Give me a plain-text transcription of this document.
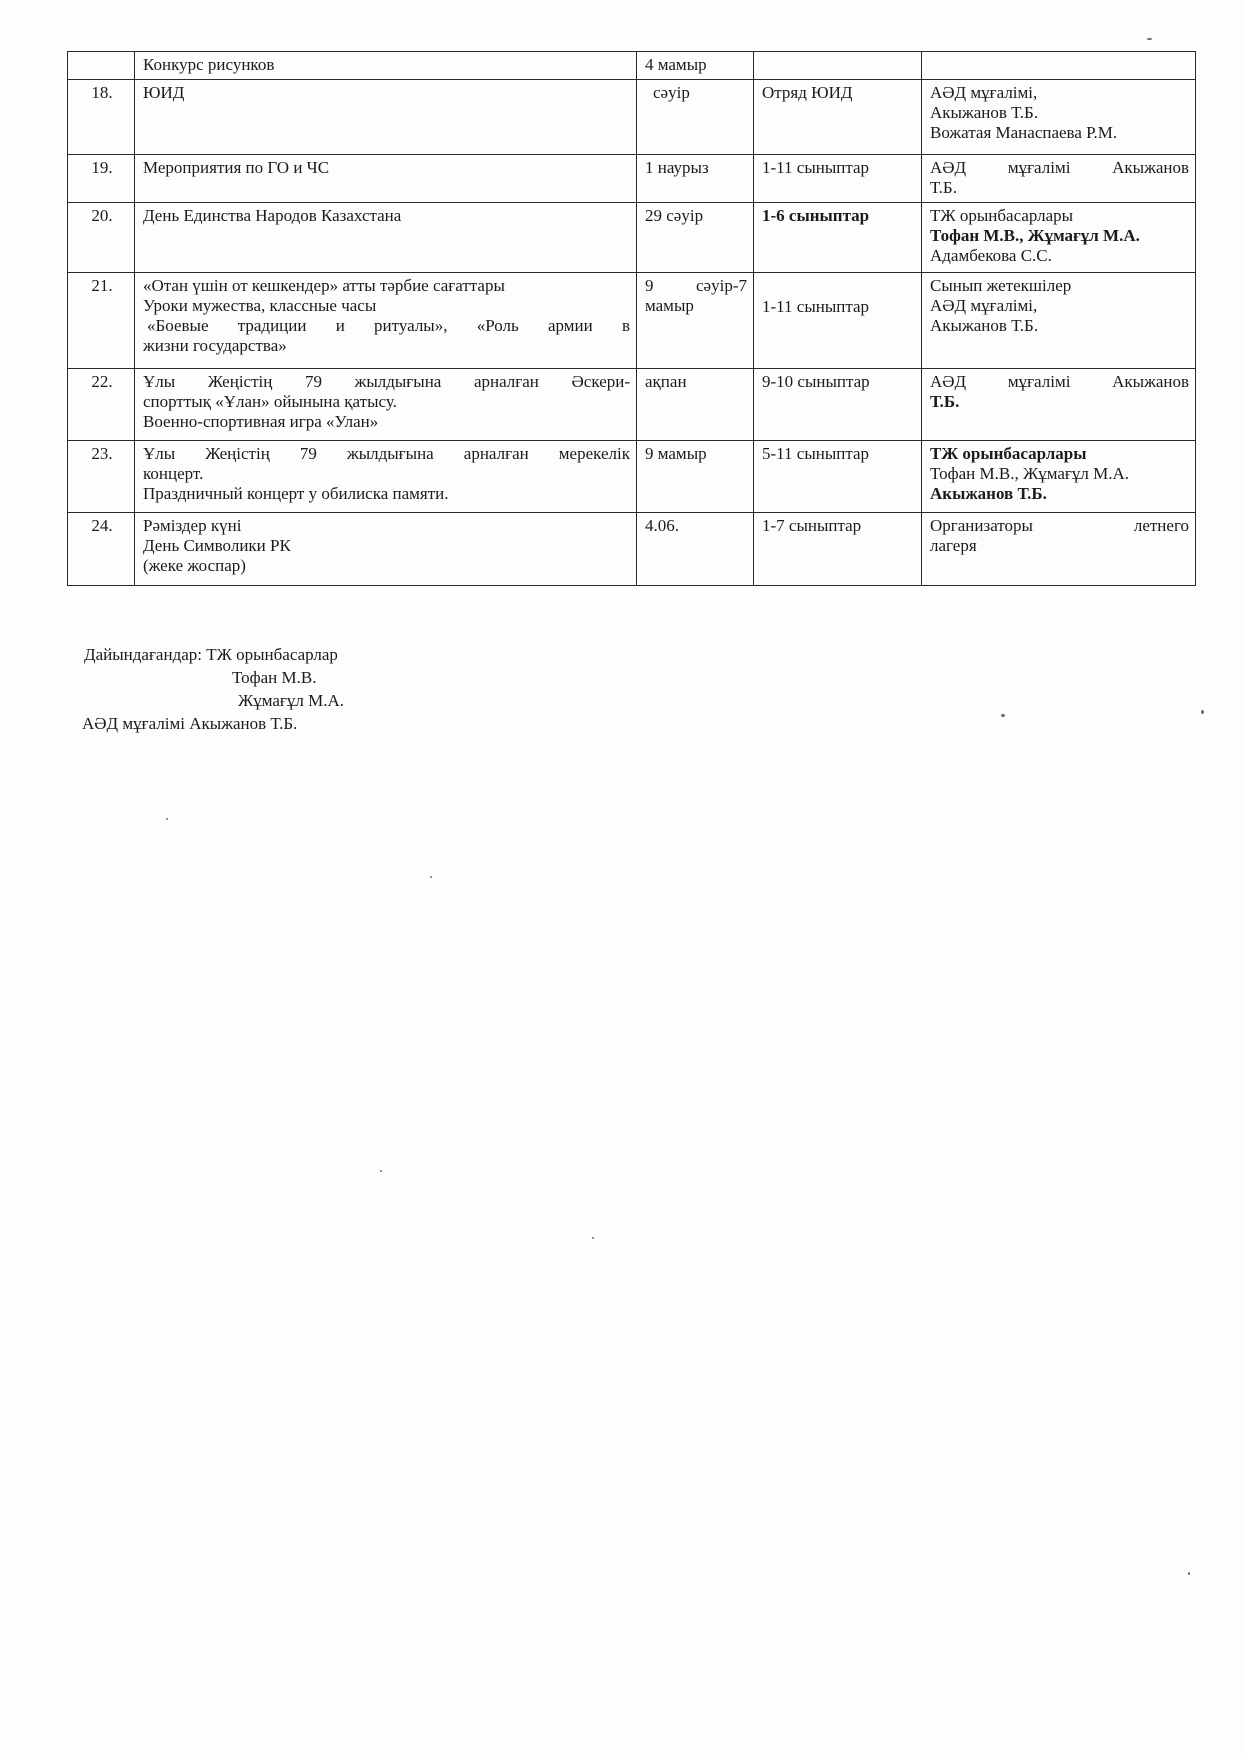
	Конкурс рисунков	4 мамыр		

18.	ЮИД	сәуір	Отряд ЮИД	АӘД мұғалімі,
Акыжанов Т.Б.
Вожатая Манаспаева Р.М.

19.	Мероприятия по ГО и ЧС	1 наурыз	1-11 сыныптар	АӘД мұғалімі Акыжанов
Т.Б.

20.	День Единства Народов Казахстана	29 сәуір	1-6 сыныптар	ТЖ орынбасарлары
Тофан М.В., Жұмағұл М.А.
Адамбекова С.С.

21.	«Отан үшін от кешкендер» атты тәрбие сағаттары
Уроки мужества, классные часы
«Боевые традиции и ритуалы», «Роль армии в
жизни государства»	9 сәуір-7
мамыр	1-11 сыныптар	Сынып жетекшілер
АӘД мұғалімі,
Акыжанов Т.Б.

22.	Ұлы Жеңістің 79 жылдығына арналған Әскери-
спорттық «Ұлан» ойынына қатысу.
Военно-спортивная игра «Улан»	ақпан	9-10 сыныптар	АӘД мұғалімі Акыжанов
Т.Б.

23.	Ұлы Жеңістің 79 жылдығына арналған мерекелік
концерт.
Праздничный концерт у обилиска памяти.	9 мамыр	5-11 сыныптар	ТЖ орынбасарлары
Тофан М.В., Жұмағұл М.А.
Акыжанов Т.Б.

24.	Рәміздер күні
День Символики РК
(жеке жоспар)	4.06.	1-7 сыныптар	Организаторы летнего
лагеря
Дайындағандар: ТЖ орынбасарлар
Тофан М.В.
Жұмағұл М.А.
АӘД мұғалімі Акыжанов Т.Б.
